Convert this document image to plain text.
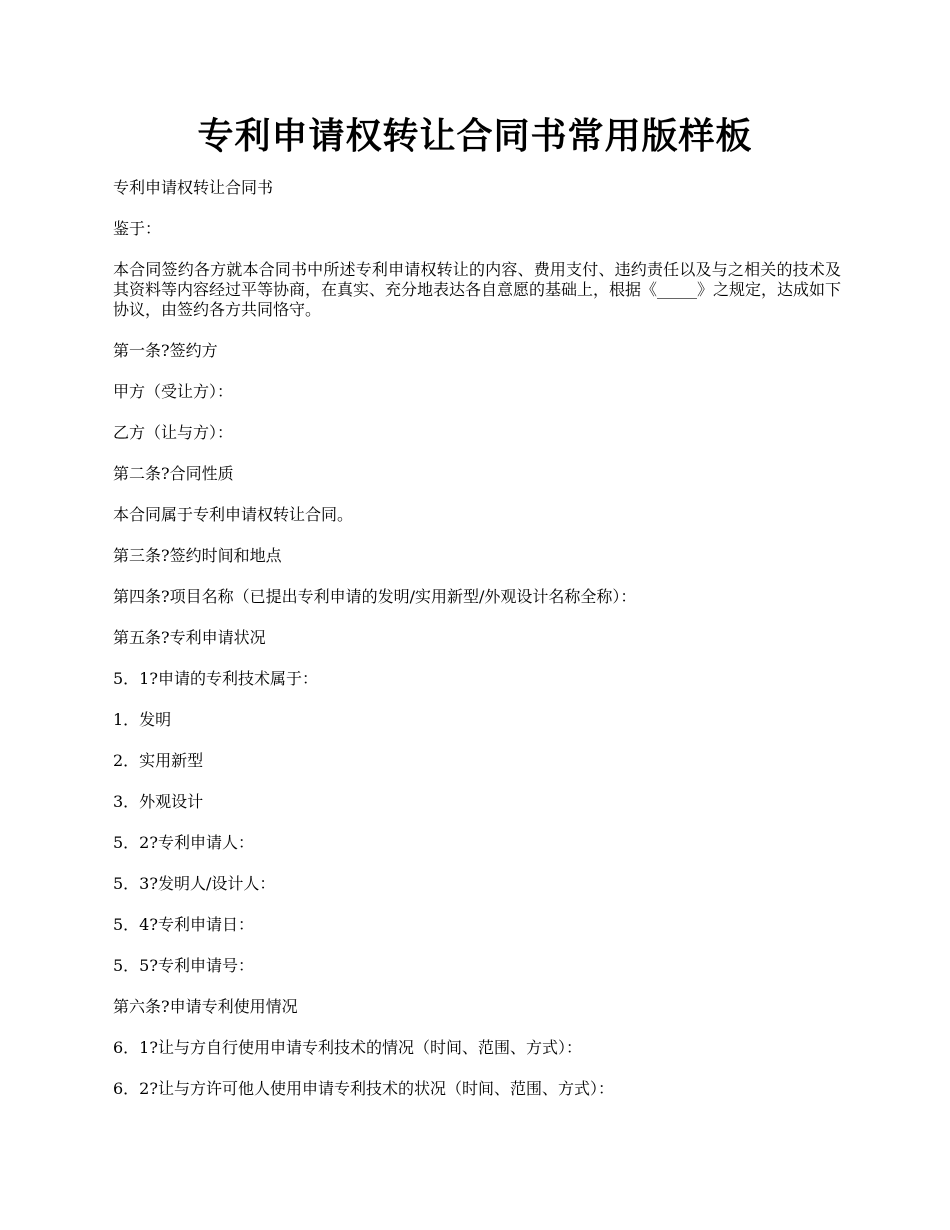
专利申请权转让合同书常用版样板

专利申请权转让合同书

鉴于：

本合同签约各方就本合同书中所述专利申请权转让的内容、费用支付、违约责任以及与之相关的技术及其资料等内容经过平等协商，在真实、充分地表达各自意愿的基础上，根据《_____》之规定，达成如下协议，由签约各方共同恪守。

第一条?签约方

甲方（受让方）：

乙方（让与方）：

第二条?合同性质

本合同属于专利申请权转让合同。

第三条?签约时间和地点

第四条?项目名称（已提出专利申请的发明/实用新型/外观设计名称全称）：

第五条?专利申请状况

5．1?申请的专利技术属于：

1．发明

2．实用新型

3．外观设计

5．2?专利申请人：

5．3?发明人/设计人：

5．4?专利申请日：

5．5?专利申请号：

第六条?申请专利使用情况

6．1?让与方自行使用申请专利技术的情况（时间、范围、方式）：

6．2?让与方许可他人使用申请专利技术的状况（时间、范围、方式）：
